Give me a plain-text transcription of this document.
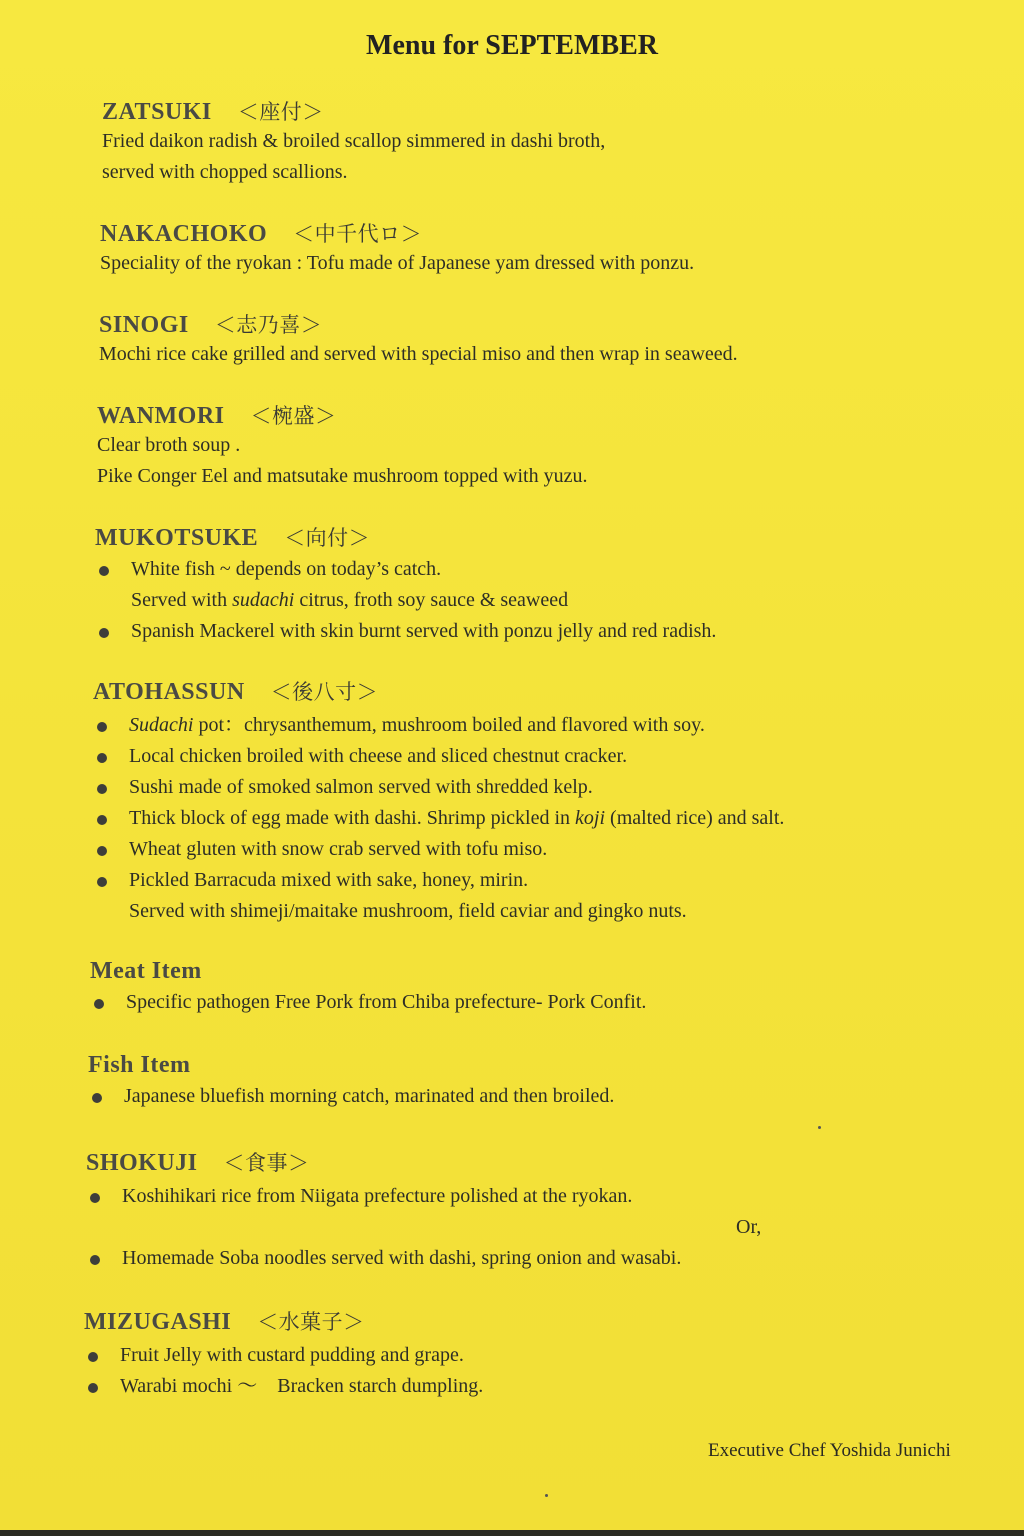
Menu for SEPTEMBER
ZATSUKI ＜座付＞
Fried daikon radish & broiled scallop simmered in dashi broth,
served with chopped scallions.
NAKACHOKO ＜中千代ロ＞
Speciality of the ryokan : Tofu made of Japanese yam dressed with ponzu.
SINOGI ＜志乃喜＞
Mochi rice cake grilled and served with special miso and then wrap in seaweed.
WANMORI ＜椀盛＞
Clear broth soup .
Pike Conger Eel and matsutake mushroom topped with yuzu.
MUKOTSUKE ＜向付＞
White fish ~ depends on today’s catch.
Served with sudachi citrus, froth soy sauce & seaweed
Spanish Mackerel with skin burnt served with ponzu jelly and red radish.
ATOHASSUN ＜後八寸＞
Sudachi pot：chrysanthemum, mushroom boiled and flavored with soy.
Local chicken broiled with cheese and sliced chestnut cracker.
Sushi made of smoked salmon served with shredded kelp.
Thick block of egg made with dashi. Shrimp pickled in koji (malted rice) and salt.
Wheat gluten with snow crab served with tofu miso.
Pickled Barracuda mixed with sake, honey, mirin.
Served with shimeji/maitake mushroom, field caviar and gingko nuts.
Meat Item
Specific pathogen Free Pork from Chiba prefecture- Pork Confit.
Fish Item
Japanese bluefish morning catch, marinated and then broiled.
SHOKUJI ＜食事＞
Koshihikari rice from Niigata prefecture polished at the ryokan.
Or,
Homemade Soba noodles served with dashi, spring onion and wasabi.
MIZUGASHI ＜水菓子＞
Fruit Jelly with custard pudding and grape.
Warabi mochi ～　Bracken starch dumpling.
Executive Chef Yoshida Junichi
